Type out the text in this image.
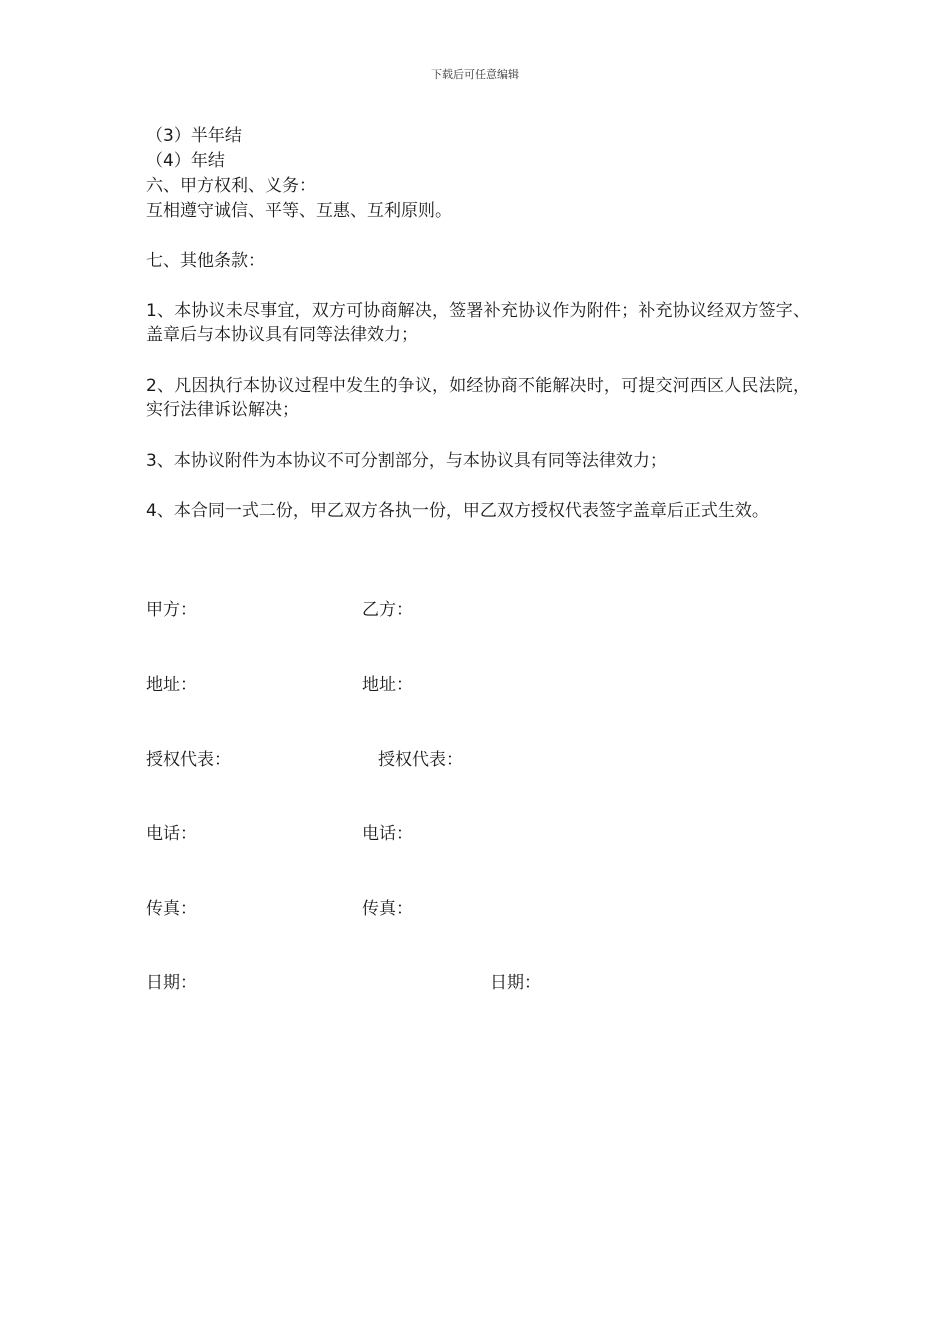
下载后可任意编辑
（3）半年结
（4）年结
六、甲方权利、义务：
互相遵守诚信、平等、互惠、互利原则。
七、其他条款：
1、本协议未尽事宜，双方可协商解决，签署补充协议作为附件；补充协议经双方签字、盖章后与本协议具有同等法律效力；
2、凡因执行本协议过程中发生的争议，如经协商不能解决时，可提交河西区人民法院，实行法律诉讼解决；
3、本协议附件为本协议不可分割部分，与本协议具有同等法律效力；
4、本合同一式二份，甲乙双方各执一份，甲乙双方授权代表签字盖章后正式生效。
甲方：	乙方：
地址：	地址：
授权代表：	授权代表：
电话：	电话：
传真：	传真：
日期：	日期：
